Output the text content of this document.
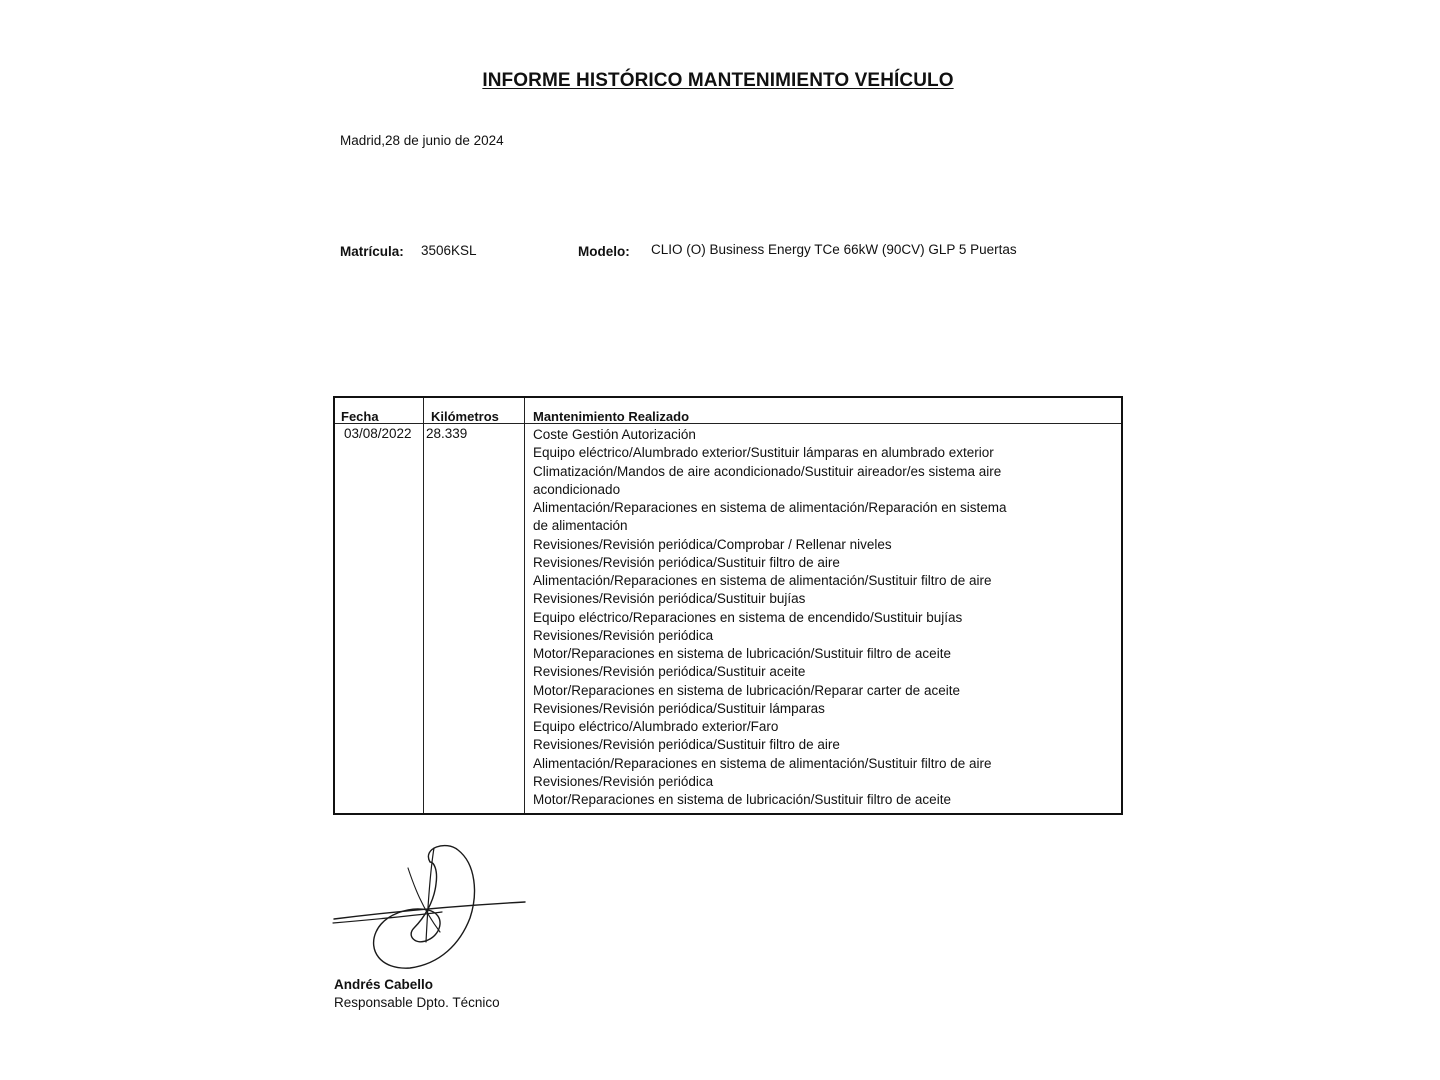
INFORME HISTÓRICO MANTENIMIENTO VEHÍCULO
Madrid,28 de junio de 2024
Matrícula: 3506KSL	Modelo: CLIO (O) Business Energy TCe 66kW (90CV) GLP 5 Puertas
Fecha	Kilómetros	Mantenimiento Realizado
03/08/2022 28.339	Coste Gestión Autorización
Equipo eléctrico/Alumbrado exterior/Sustituir lámparas en alumbrado exterior
Climatización/Mandos de aire acondicionado/Sustituir aireador/es sistema aire
acondicionado
Alimentación/Reparaciones en sistema de alimentación/Reparación en sistema
de alimentación
Revisiones/Revisión periódica/Comprobar / Rellenar niveles
Revisiones/Revisión periódica/Sustituir filtro de aire
Alimentación/Reparaciones en sistema de alimentación/Sustituir filtro de aire
Revisiones/Revisión periódica/Sustituir bujías
Equipo eléctrico/Reparaciones en sistema de encendido/Sustituir bujías
Revisiones/Revisión periódica
Motor/Reparaciones en sistema de lubricación/Sustituir filtro de aceite
Revisiones/Revisión periódica/Sustituir aceite
Motor/Reparaciones en sistema de lubricación/Reparar carter de aceite
Revisiones/Revisión periódica/Sustituir lámparas
Equipo eléctrico/Alumbrado exterior/Faro
Revisiones/Revisión periódica/Sustituir filtro de aire
Alimentación/Reparaciones en sistema de alimentación/Sustituir filtro de aire
Revisiones/Revisión periódica
Motor/Reparaciones en sistema de lubricación/Sustituir filtro de aceite
Andrés Cabello
Responsable Dpto. Técnico
